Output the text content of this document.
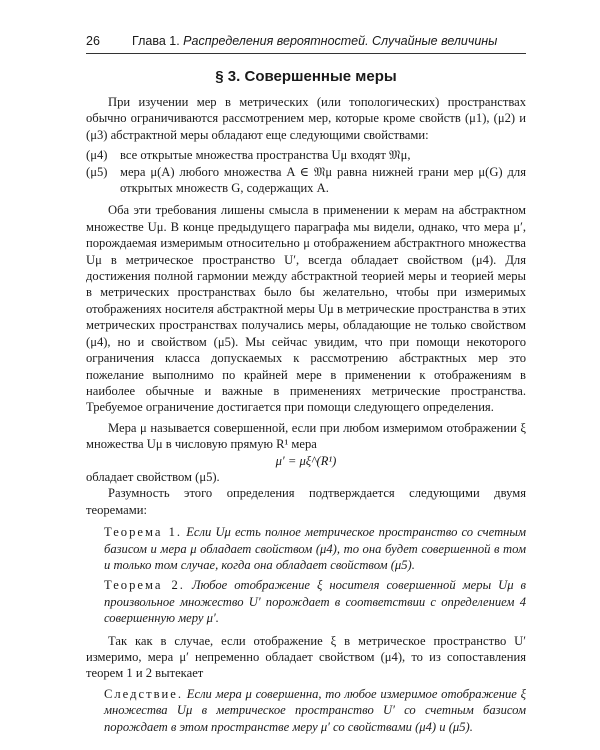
26	Глава 1. Распределения вероятностей. Случайные величины
§ 3. Совершенные меры

При изучении мер в метрических (или топологических) пространствах обычно ограничиваются рассмотрением мер, которые кроме свойств (μ1), (μ2) и (μ3) абстрактной меры обладают еще следующими свойствами:

(μ4) все открытые множества пространства Uμ входят 𝔐μ,

(μ5) мера μ(A) любого множества A ∈ 𝔐μ равна нижней грани мер μ(G) для открытых множеств G, содержащих A.

Оба эти требования лишены смысла в применении к мерам на абстрактном множестве Uμ. В конце предыдущего параграфа мы видели, однако, что мера μ′, порождаемая измеримым относительно μ отображением абстрактного множества Uμ в метрическое пространство U′, всегда обладает свойством (μ4). Для достижения полной гармонии между абстрактной теорией меры и теорией меры в метрических пространствах было бы желательно, чтобы при измеримых отображениях носителя абстрактной меры Uμ в метрические пространства в этих метрических пространствах получались меры, обладающие не только свойством (μ4), но и свойством (μ5). Мы сейчас увидим, что при помощи некоторого ограничения класса допускаемых к рассмотрению абстрактных мер это пожелание выполнимо по крайней мере в применении к отображениям в наиболее обычные и важные в применениях метрические пространства. Требуемое ограничение достигается при помощи следующего определения.

Мера μ называется совершенной, если при любом измеримом отображении ξ множества Uμ в числовую прямую R¹ мера

μ′ = μξ^(R¹)

обладает свойством (μ5).

Разумность этого определения подтверждается следующими двумя теоремами:

Теорема 1. Если Uμ есть полное метрическое пространство со счетным базисом и мера μ обладает свойством (μ4), то она будет совершенной в том и только том случае, когда она обладает свойством (μ5).

Теорема 2. Любое отображение ξ носителя совершенной меры Uμ в произвольное множество U′ порождает в соответствии с определением 4 совершенную меру μ′.

Так как в случае, если отображение ξ в метрическое пространство U′ измеримо, мера μ′ непременно обладает свойством (μ4), то из сопоставления теорем 1 и 2 вытекает

Следствие. Если мера μ совершенна, то любое измеримое отображение ξ множества Uμ в метрическое пространство U′ со счетным базисом порождает в этом пространстве меру μ′ со свойствами (μ4) и (μ5).
